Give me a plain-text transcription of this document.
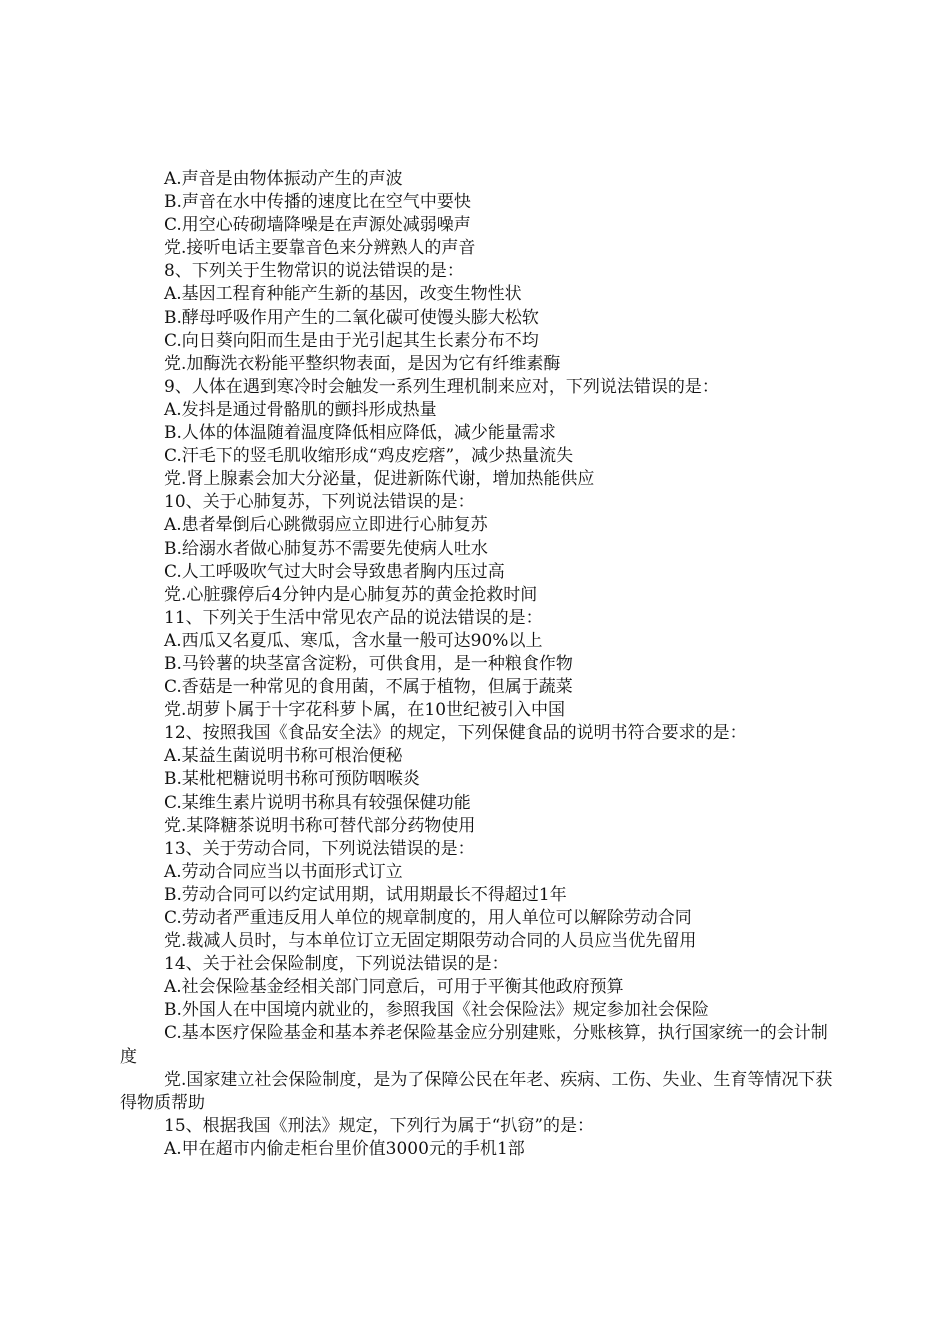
A.声音是由物体振动产生的声波
B.声音在水中传播的速度比在空气中要快
C.用空心砖砌墙降噪是在声源处减弱噪声
党.接听电话主要靠音色来分辨熟人的声音
8、下列关于生物常识的说法错误的是：
A.基因工程育种能产生新的基因，改变生物性状
B.酵母呼吸作用产生的二氧化碳可使馒头膨大松软
C.向日葵向阳而生是由于光引起其生长素分布不均
党.加酶洗衣粉能平整织物表面，是因为它有纤维素酶
9、人体在遇到寒冷时会触发一系列生理机制来应对，下列说法错误的是：
A.发抖是通过骨骼肌的颤抖形成热量
B.人体的体温随着温度降低相应降低，减少能量需求
C.汗毛下的竖毛肌收缩形成“鸡皮疙瘩”，减少热量流失
党.肾上腺素会加大分泌量，促进新陈代谢，增加热能供应
10、关于心肺复苏，下列说法错误的是：
A.患者晕倒后心跳微弱应立即进行心肺复苏
B.给溺水者做心肺复苏不需要先使病人吐水
C.人工呼吸吹气过大时会导致患者胸内压过高
党.心脏骤停后4分钟内是心肺复苏的黄金抢救时间
11、下列关于生活中常见农产品的说法错误的是：
A.西瓜又名夏瓜、寒瓜，含水量一般可达90%以上
B.马铃薯的块茎富含淀粉，可供食用，是一种粮食作物
C.香菇是一种常见的食用菌，不属于植物，但属于蔬菜
党.胡萝卜属于十字花科萝卜属，在10世纪被引入中国
12、按照我国《食品安全法》的规定，下列保健食品的说明书符合要求的是：
A.某益生菌说明书称可根治便秘
B.某枇杷糖说明书称可预防咽喉炎
C.某维生素片说明书称具有较强保健功能
党.某降糖茶说明书称可替代部分药物使用
13、关于劳动合同，下列说法错误的是：
A.劳动合同应当以书面形式订立
B.劳动合同可以约定试用期，试用期最长不得超过1年
C.劳动者严重违反用人单位的规章制度的，用人单位可以解除劳动合同
党.裁减人员时，与本单位订立无固定期限劳动合同的人员应当优先留用
14、关于社会保险制度，下列说法错误的是：
A.社会保险基金经相关部门同意后，可用于平衡其他政府预算
B.外国人在中国境内就业的，参照我国《社会保险法》规定参加社会保险
C.基本医疗保险基金和基本养老保险基金应分别建账，分账核算，执行国家统一的会计制度
党.国家建立社会保险制度，是为了保障公民在年老、疾病、工伤、失业、生育等情况下获得物质帮助
15、根据我国《刑法》规定，下列行为属于“扒窃”的是：
A.甲在超市内偷走柜台里价值3000元的手机1部
